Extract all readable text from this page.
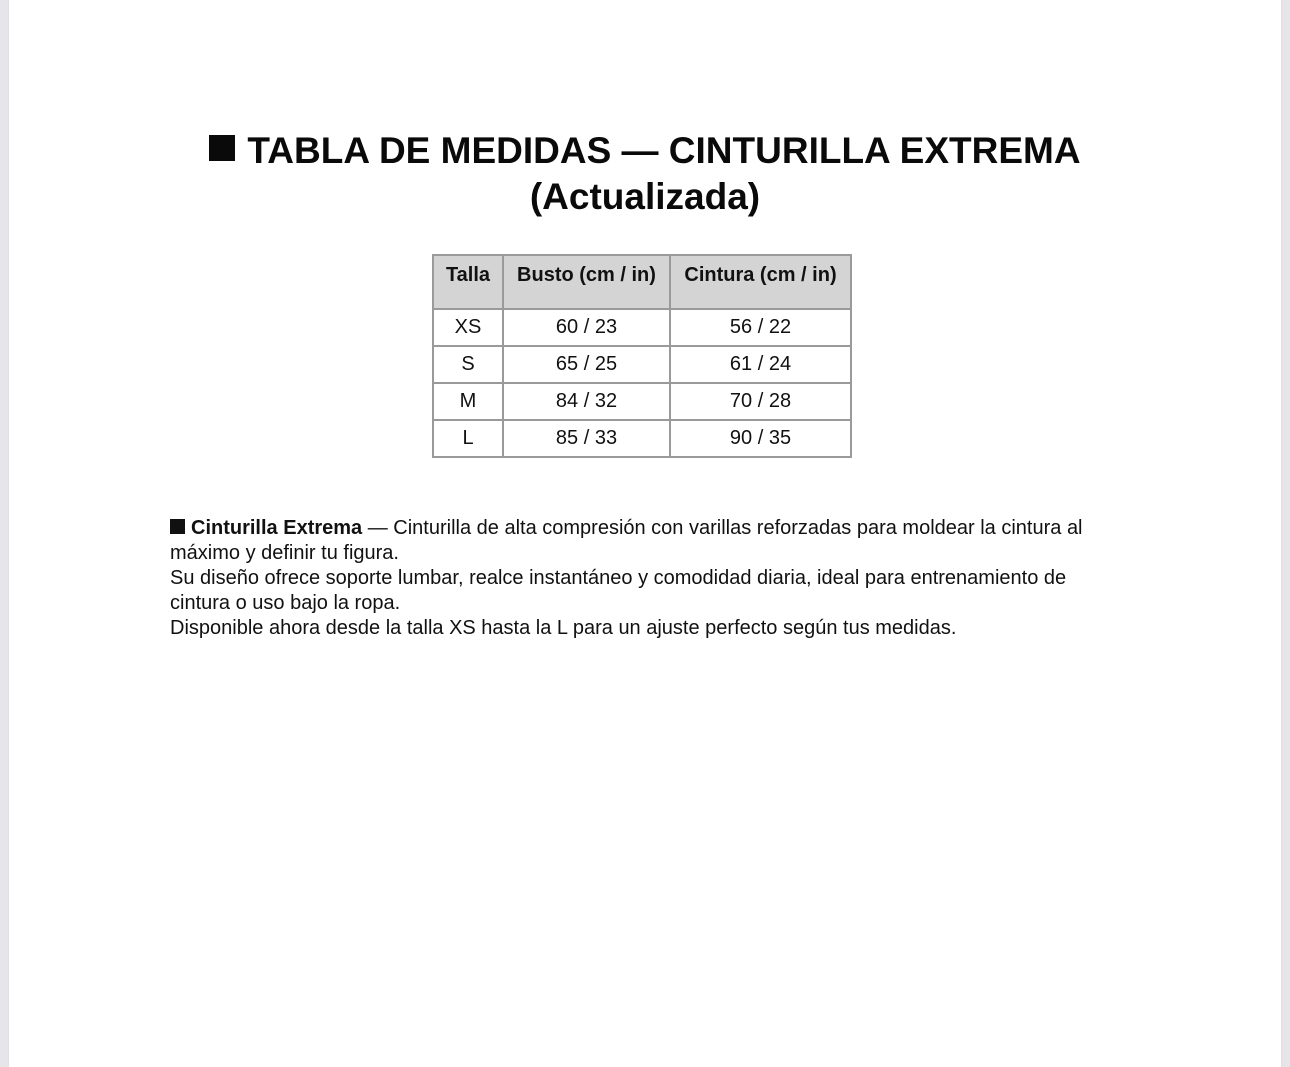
TABLA DE MEDIDAS — CINTURILLA EXTREMA
(Actualizada)
Talla	Busto (cm / in)	Cintura (cm / in)
XS	60 / 23	56 / 22
S	65 / 25	61 / 24
M	84 / 32	70 / 28
L	85 / 33	90 / 35

Cinturilla Extrema — Cinturilla de alta compresión con varillas reforzadas para moldear la cintura al máximo y definir tu figura.

Su diseño ofrece soporte lumbar, realce instantáneo y comodidad diaria, ideal para entrenamiento de cintura o uso bajo la ropa.

Disponible ahora desde la talla XS hasta la L para un ajuste perfecto según tus medidas.
